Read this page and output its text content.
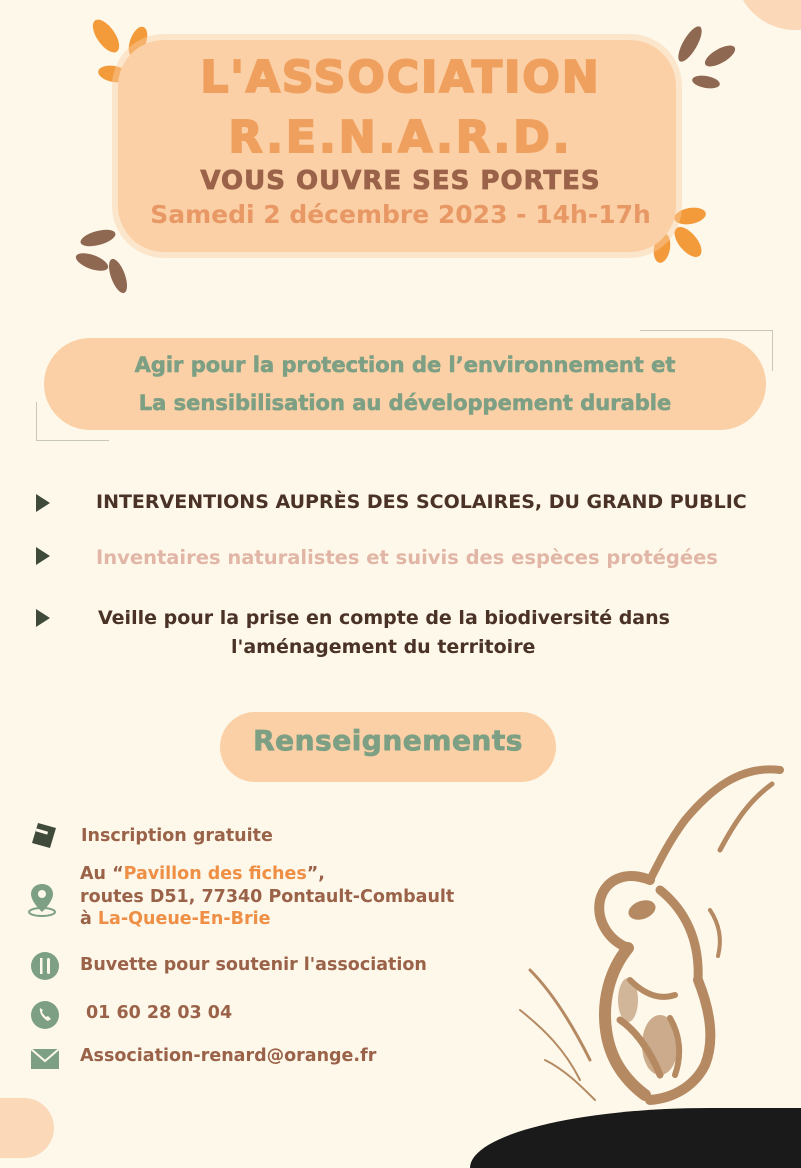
L'ASSOCIATION
R.E.N.A.R.D.
VOUS OUVRE SES PORTES
Samedi 2 décembre 2023 - 14h-17h
Agir pour la protection de l’environnement et
La sensibilisation au développement durable
INTERVENTIONS AUPRÈS DES SCOLAIRES, DU GRAND PUBLIC
Inventaires naturalistes et suivis des espèces protégées
Veille pour la prise en compte de la biodiversité dans
l'aménagement du territoire
Renseignements
Inscription gratuite
Au “Pavillon des fiches”,
routes D51, 77340 Pontault-Combault
à La-Queue-En-Brie
Buvette pour soutenir l'association
01 60 28 03 04
Association-renard@orange.fr
